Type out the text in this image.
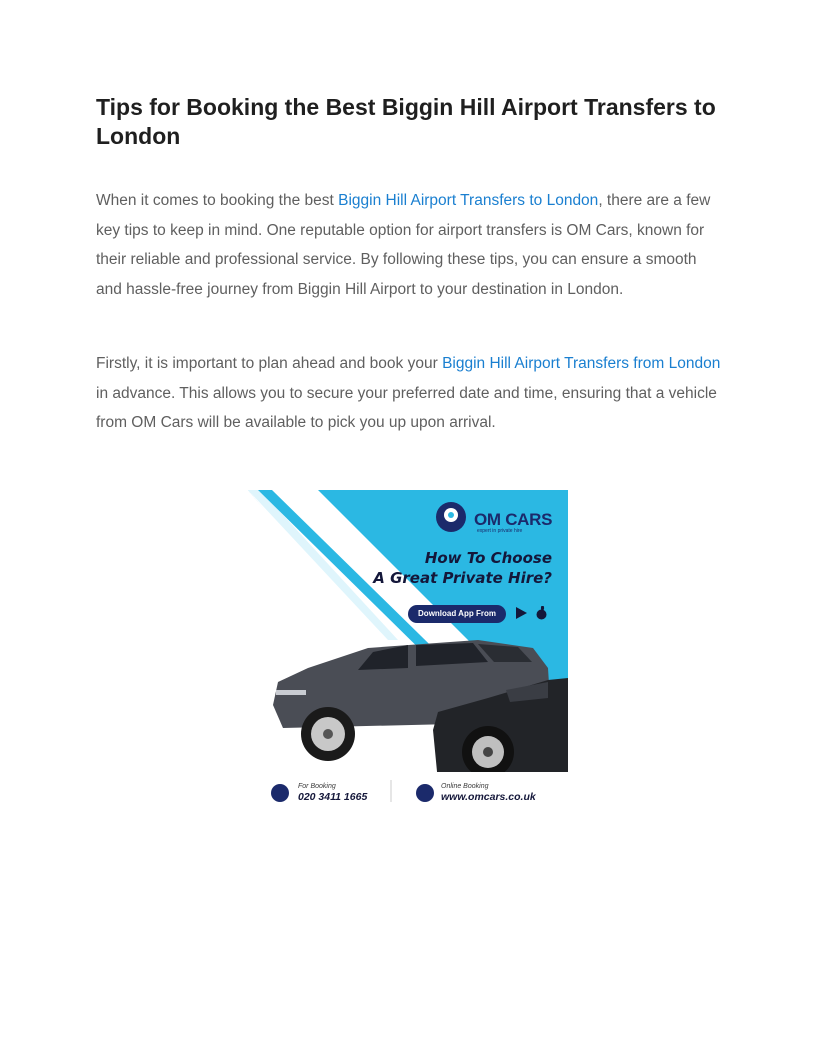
Tips for Booking the Best Biggin Hill Airport Transfers to London

When it comes to booking the best Biggin Hill Airport Transfers to London, there are a few key tips to keep in mind. One reputable option for airport transfers is OM Cars, known for their reliable and professional service. By following these tips, you can ensure a smooth and hassle-free journey from Biggin Hill Airport to your destination in London.

Firstly, it is important to plan ahead and book your Biggin Hill Airport Transfers from London in advance. This allows you to secure your preferred date and time, ensuring that a vehicle from OM Cars will be available to pick you up upon arrival.

OM CARS
expert in private hire
How To Choose
A Great Private Hire?
Download App From
For Booking
020 3411 1665
Online Booking
www.omcars.co.uk
